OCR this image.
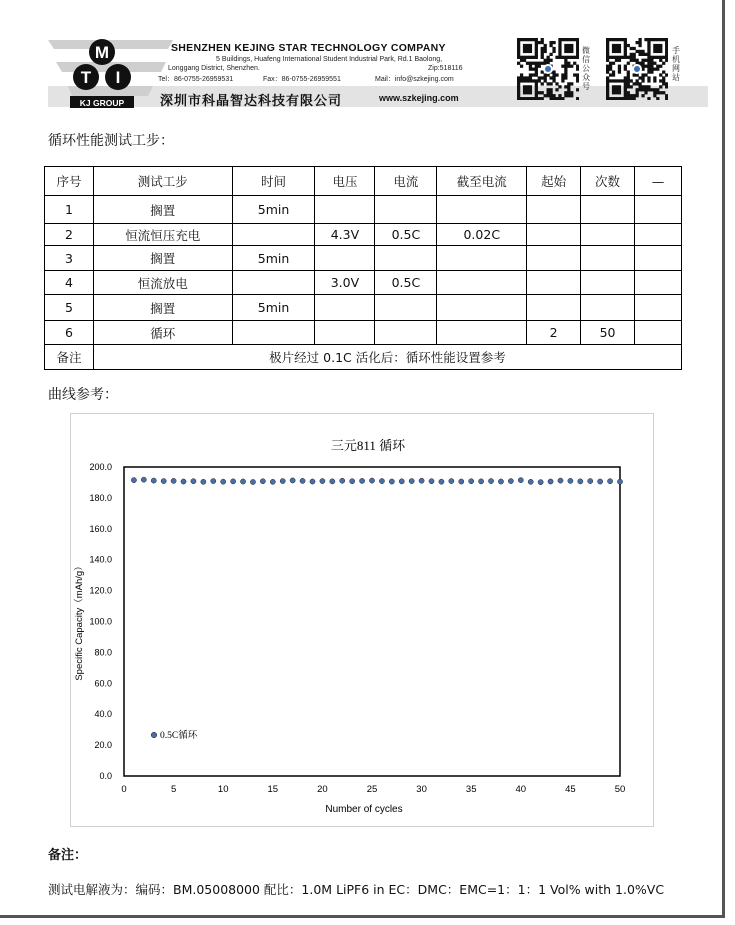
M
T I
KJ GROUP
SHENZHEN KEJING STAR TECHNOLOGY COMPANY
5 Buildings, Huafeng International Student Industrial Park, Rd.1 Baolong,
Longgang District, Shenzhen.	Zip:518116
Tel：86-0755-26959531	Fax：86-0755-26959551	Mail：info@szkejing.com
深圳市科晶智达科技有限公司	www.szkejing.com
微信公众号
手机网站
循环性能测试工步：
序号	测试工步	时间	电压	电流	截至电流	起始	次数	—
1	搁置	5min						
2	恒流恒压充电		4.3V	0.5C	0.02C			
3	搁置	5min						
4	恒流放电		3.0V	0.5C				
5	搁置	5min						
6	循环					2	50	
备注	极片经过 0.1C 活化后：循环性能设置参考							
曲线参考：
三元811 循环
0.0
20.0
40.0
60.0
80.0
100.0
120.0
140.0
160.0
180.0
200.0
0	5	10	15	20	25	30	35	40	45	50
Specific Capacity（mAh/g）
Number of cycles
0.5C循环
备注：
测试电解液为：编码：BM.05008000 配比：1.0M LiPF6 in EC：DMC：EMC=1：1：1 Vol% with 1.0%VC
